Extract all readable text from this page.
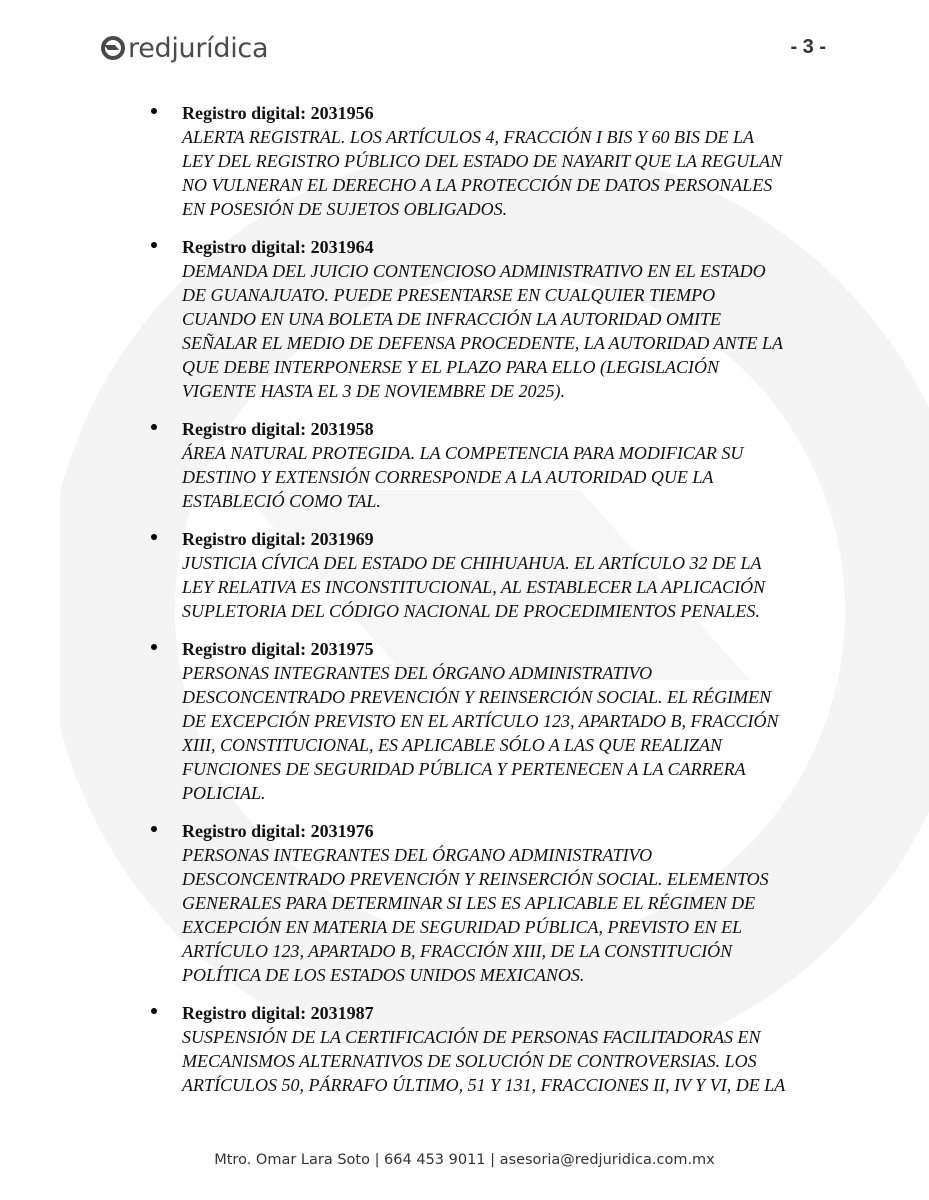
redjurídica	- 3 -
Registro digital: 2031956
ALERTA REGISTRAL. LOS ARTÍCULOS 4, FRACCIÓN I BIS Y 60 BIS DE LA
LEY DEL REGISTRO PÚBLICO DEL ESTADO DE NAYARIT QUE LA REGULAN
NO VULNERAN EL DERECHO A LA PROTECCIÓN DE DATOS PERSONALES
EN POSESIÓN DE SUJETOS OBLIGADOS.
Registro digital: 2031964
DEMANDA DEL JUICIO CONTENCIOSO ADMINISTRATIVO EN EL ESTADO
DE GUANAJUATO. PUEDE PRESENTARSE EN CUALQUIER TIEMPO
CUANDO EN UNA BOLETA DE INFRACCIÓN LA AUTORIDAD OMITE
SEÑALAR EL MEDIO DE DEFENSA PROCEDENTE, LA AUTORIDAD ANTE LA
QUE DEBE INTERPONERSE Y EL PLAZO PARA ELLO (LEGISLACIÓN
VIGENTE HASTA EL 3 DE NOVIEMBRE DE 2025).
Registro digital: 2031958
ÁREA NATURAL PROTEGIDA. LA COMPETENCIA PARA MODIFICAR SU
DESTINO Y EXTENSIÓN CORRESPONDE A LA AUTORIDAD QUE LA
ESTABLECIÓ COMO TAL.
Registro digital: 2031969
JUSTICIA CÍVICA DEL ESTADO DE CHIHUAHUA. EL ARTÍCULO 32 DE LA
LEY RELATIVA ES INCONSTITUCIONAL, AL ESTABLECER LA APLICACIÓN
SUPLETORIA DEL CÓDIGO NACIONAL DE PROCEDIMIENTOS PENALES.
Registro digital: 2031975
PERSONAS INTEGRANTES DEL ÓRGANO ADMINISTRATIVO
DESCONCENTRADO PREVENCIÓN Y REINSERCIÓN SOCIAL. EL RÉGIMEN
DE EXCEPCIÓN PREVISTO EN EL ARTÍCULO 123, APARTADO B, FRACCIÓN
XIII, CONSTITUCIONAL, ES APLICABLE SÓLO A LAS QUE REALIZAN
FUNCIONES DE SEGURIDAD PÚBLICA Y PERTENECEN A LA CARRERA
POLICIAL.
Registro digital: 2031976
PERSONAS INTEGRANTES DEL ÓRGANO ADMINISTRATIVO
DESCONCENTRADO PREVENCIÓN Y REINSERCIÓN SOCIAL. ELEMENTOS
GENERALES PARA DETERMINAR SI LES ES APLICABLE EL RÉGIMEN DE
EXCEPCIÓN EN MATERIA DE SEGURIDAD PÚBLICA, PREVISTO EN EL
ARTÍCULO 123, APARTADO B, FRACCIÓN XIII, DE LA CONSTITUCIÓN
POLÍTICA DE LOS ESTADOS UNIDOS MEXICANOS.
Registro digital: 2031987
SUSPENSIÓN DE LA CERTIFICACIÓN DE PERSONAS FACILITADORAS EN
MECANISMOS ALTERNATIVOS DE SOLUCIÓN DE CONTROVERSIAS. LOS
ARTÍCULOS 50, PÁRRAFO ÚLTIMO, 51 Y 131, FRACCIONES II, IV Y VI, DE LA
Mtro. Omar Lara Soto | 664 453 9011 | asesoria@redjuridica.com.mx
